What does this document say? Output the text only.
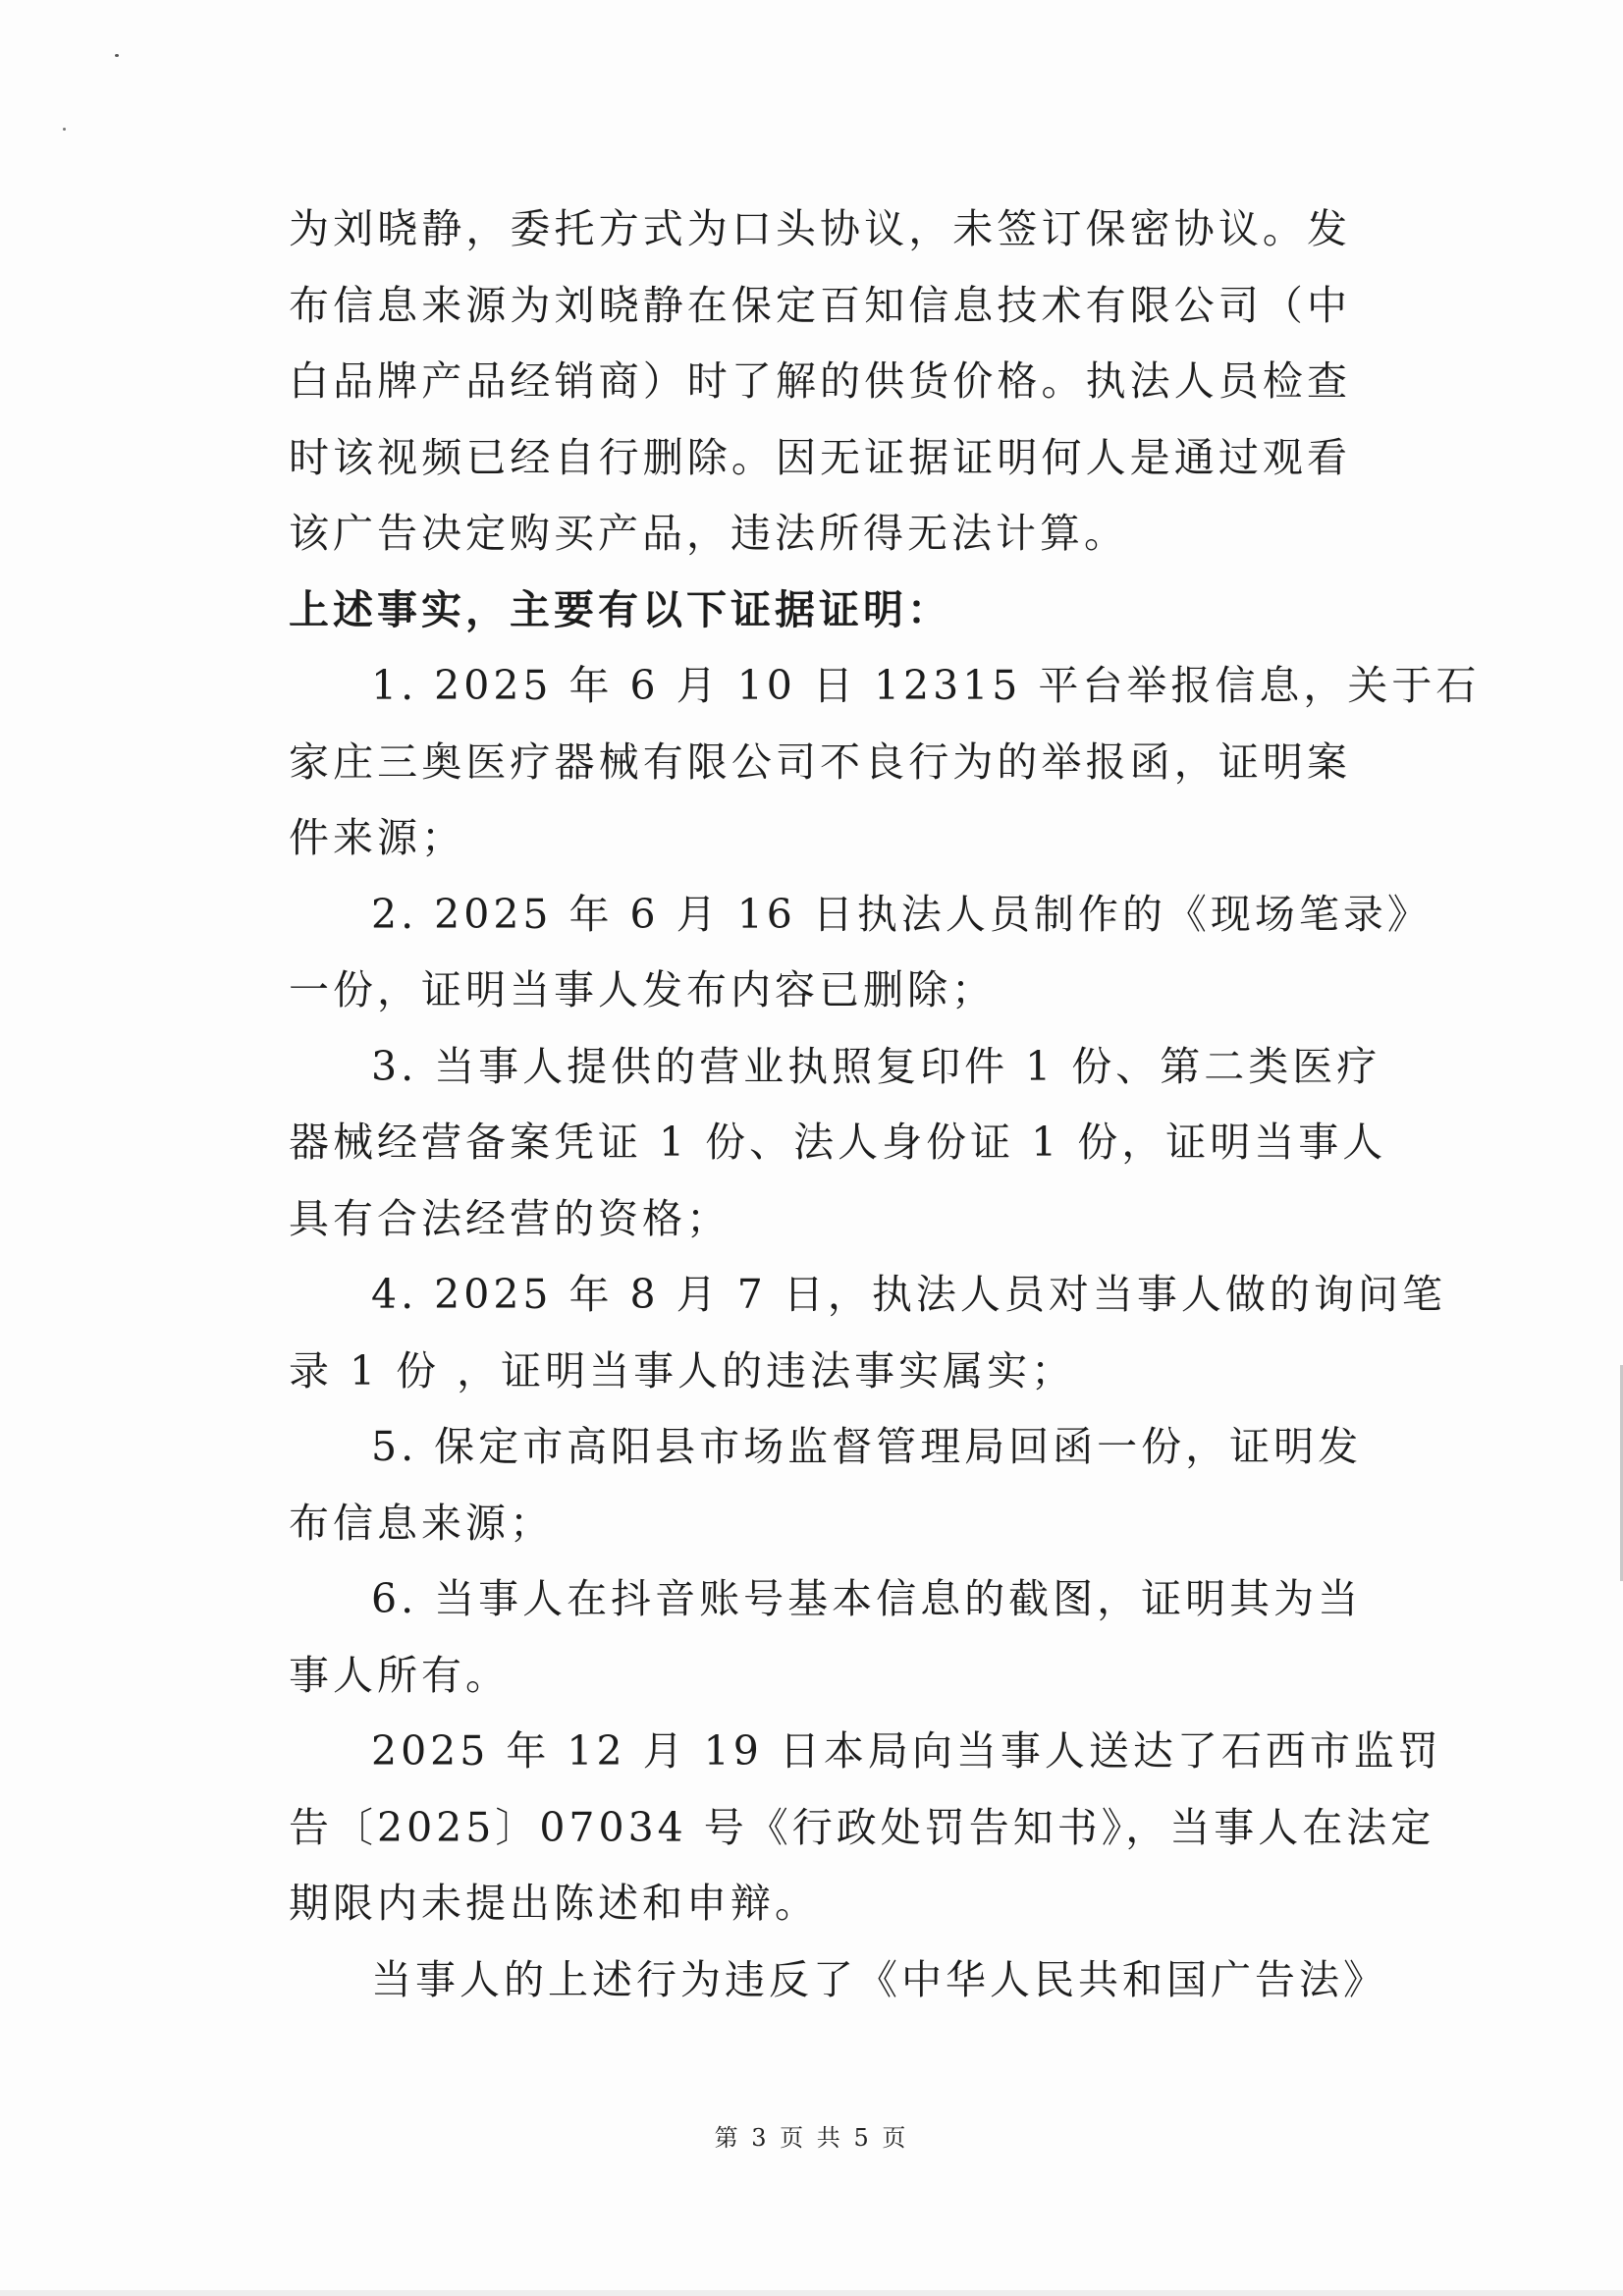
为刘晓静，委托方式为口头协议，未签订保密协议。发
布信息来源为刘晓静在保定百知信息技术有限公司（中
白品牌产品经销商）时了解的供货价格。执法人员检查
时该视频已经自行删除。因无证据证明何人是通过观看
该广告决定购买产品，违法所得无法计算。
上述事实，主要有以下证据证明：
1. 2025 年 6 月 10 日 12315 平台举报信息，关于石
家庄三奥医疗器械有限公司不良行为的举报函，证明案
件来源；
2. 2025 年 6 月 16 日执法人员制作的《现场笔录》
一份，证明当事人发布内容已删除；
3. 当事人提供的营业执照复印件 1 份、第二类医疗
器械经营备案凭证 1 份、法人身份证 1 份，证明当事人
具有合法经营的资格；
4. 2025 年 8 月 7 日，执法人员对当事人做的询问笔
录 1 份 ，证明当事人的违法事实属实；
5. 保定市高阳县市场监督管理局回函一份，证明发
布信息来源；
6. 当事人在抖音账号基本信息的截图，证明其为当
事人所有。
2025 年 12 月 19 日本局向当事人送达了石西市监罚
告〔2025〕07034 号《行政处罚告知书》，当事人在法定
期限内未提出陈述和申辩。
当事人的上述行为违反了《中华人民共和国广告法》
第 3 页 共 5 页
